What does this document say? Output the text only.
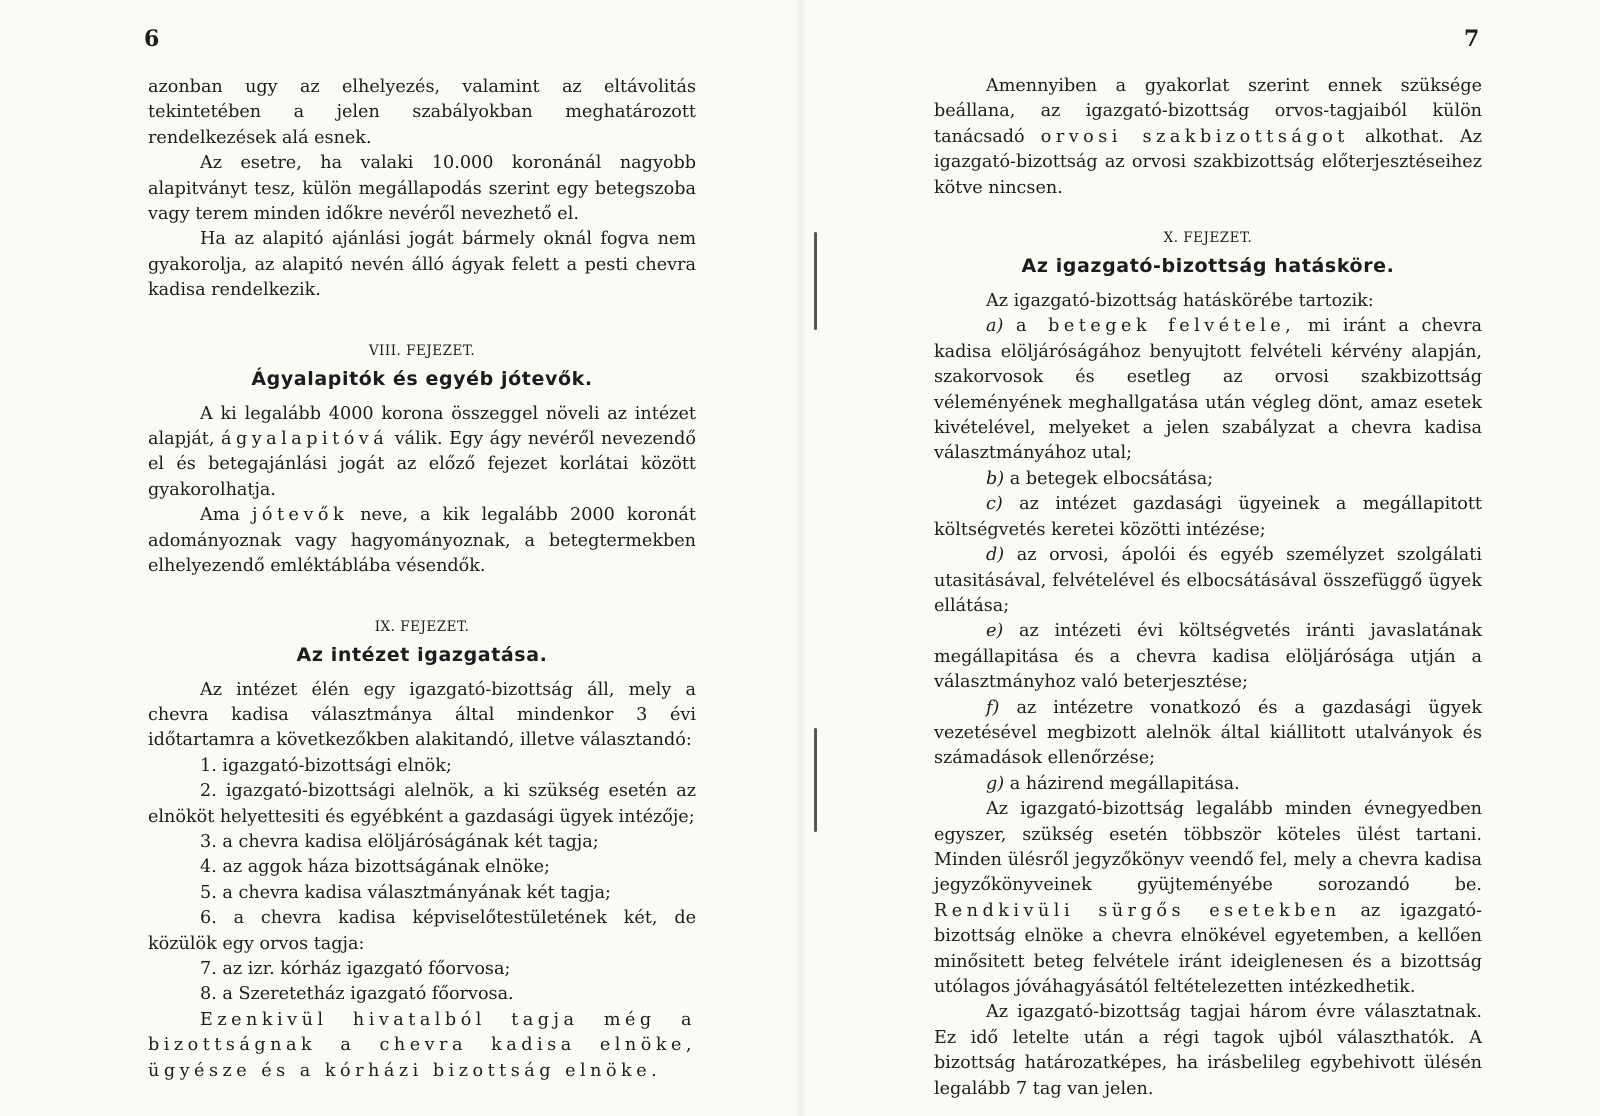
6

azonban ugy az elhelyezés, valamint az eltávolitás tekintetében a jelen szabályokban meghatározott rendelkezések alá esnek.

Az esetre, ha valaki 10.000 koronánál nagyobb alapitványt tesz, külön megállapodás szerint egy betegszoba vagy terem minden időkre nevéről nevezhető el.

Ha az alapitó ajánlási jogát bármely oknál fogva nem gyakorolja, az alapitó nevén álló ágyak felett a pesti chevra kadisa rendelkezik.

VIII. FEJEZET.
Ágyalapitók és egyéb jótevők.

A ki legalább 4000 korona összeggel növeli az intézet alapját, ágyalapitóvá válik. Egy ágy nevéről nevezendő el és betegajánlási jogát az előző fejezet korlátai között gyakorolhatja.

Ama jótevők neve, a kik legalább 2000 koronát adományoznak vagy hagyományoznak, a betegtermekben elhelyezendő emléktáblába vésendők.

IX. FEJEZET.
Az intézet igazgatása.

Az intézet élén egy igazgató-bizottság áll, mely a chevra kadisa választmánya által mindenkor 3 évi időtartamra a következőkben alakitandó, illetve választandó:

1. igazgató-bizottsági elnök;

2. igazgató-bizottsági alelnök, a ki szükség esetén az elnököt helyettesiti és egyébként a gazdasági ügyek intézője;

3. a chevra kadisa elöljáróságának két tagja;

4. az aggok háza bizottságának elnöke;

5. a chevra kadisa választmányának két tagja;

6. a chevra kadisa képviselőtestületének két, de közülök egy orvos tagja:

7. az izr. kórház igazgató főorvosa;

8. a Szeretetház igazgató főorvosa.

Ezenkivül hivatalból tagja még a bizottságnak a chevra kadisa elnöke, ügyésze és a kórházi bizottság elnöke.

7

Amennyiben a gyakorlat szerint ennek szüksége beállana, az igazgató-bizottság orvos-tagjaiból külön tanácsadó orvosi szakbizottságot alkothat. Az igazgató-bizottság az orvosi szakbizottság előterjesztéseihez kötve nincsen.

X. FEJEZET.
Az igazgató-bizottság hatásköre.

Az igazgató-bizottság hatáskörébe tartozik:

a) a betegek felvétele, mi iránt a chevra kadisa elöljáróságához benyujtott felvételi kérvény alapján, szakorvosok és esetleg az orvosi szakbizottság véleményének meghallgatása után végleg dönt, amaz esetek kivételével, melyeket a jelen szabályzat a chevra kadisa választmányához utal;

b) a betegek elbocsátása;

c) az intézet gazdasági ügyeinek a megállapitott költségvetés keretei közötti intézése;

d) az orvosi, ápolói és egyéb személyzet szolgálati utasitásával, felvételével és elbocsátásával összefüggő ügyek ellátása;

e) az intézeti évi költségvetés iránti javaslatának megállapitása és a chevra kadisa elöljárósága utján a választmányhoz való beterjesztése;

f) az intézetre vonatkozó és a gazdasági ügyek vezetésével megbizott alelnök által kiállitott utalványok és számadások ellenőrzése;

g) a házirend megállapitása.

Az igazgató-bizottság legalább minden évnegyedben egyszer, szükség esetén többször köteles ülést tartani. Minden ülésről jegyzőkönyv veendő fel, mely a chevra kadisa jegyzőkönyveinek gyüjteményébe sorozandó be. Rendkivüli sürgős esetekben az igazgató-bizottság elnöke a chevra elnökével egyetemben, a kellően minősitett beteg felvétele iránt ideiglenesen és a bizottság utólagos jóváhagyásától feltételezetten intézkedhetik.

Az igazgató-bizottság tagjai három évre választatnak. Ez idő letelte után a régi tagok ujból választhatók. A bizottság határozatképes, ha irásbelileg egybehivott ülésén legalább 7 tag van jelen.
